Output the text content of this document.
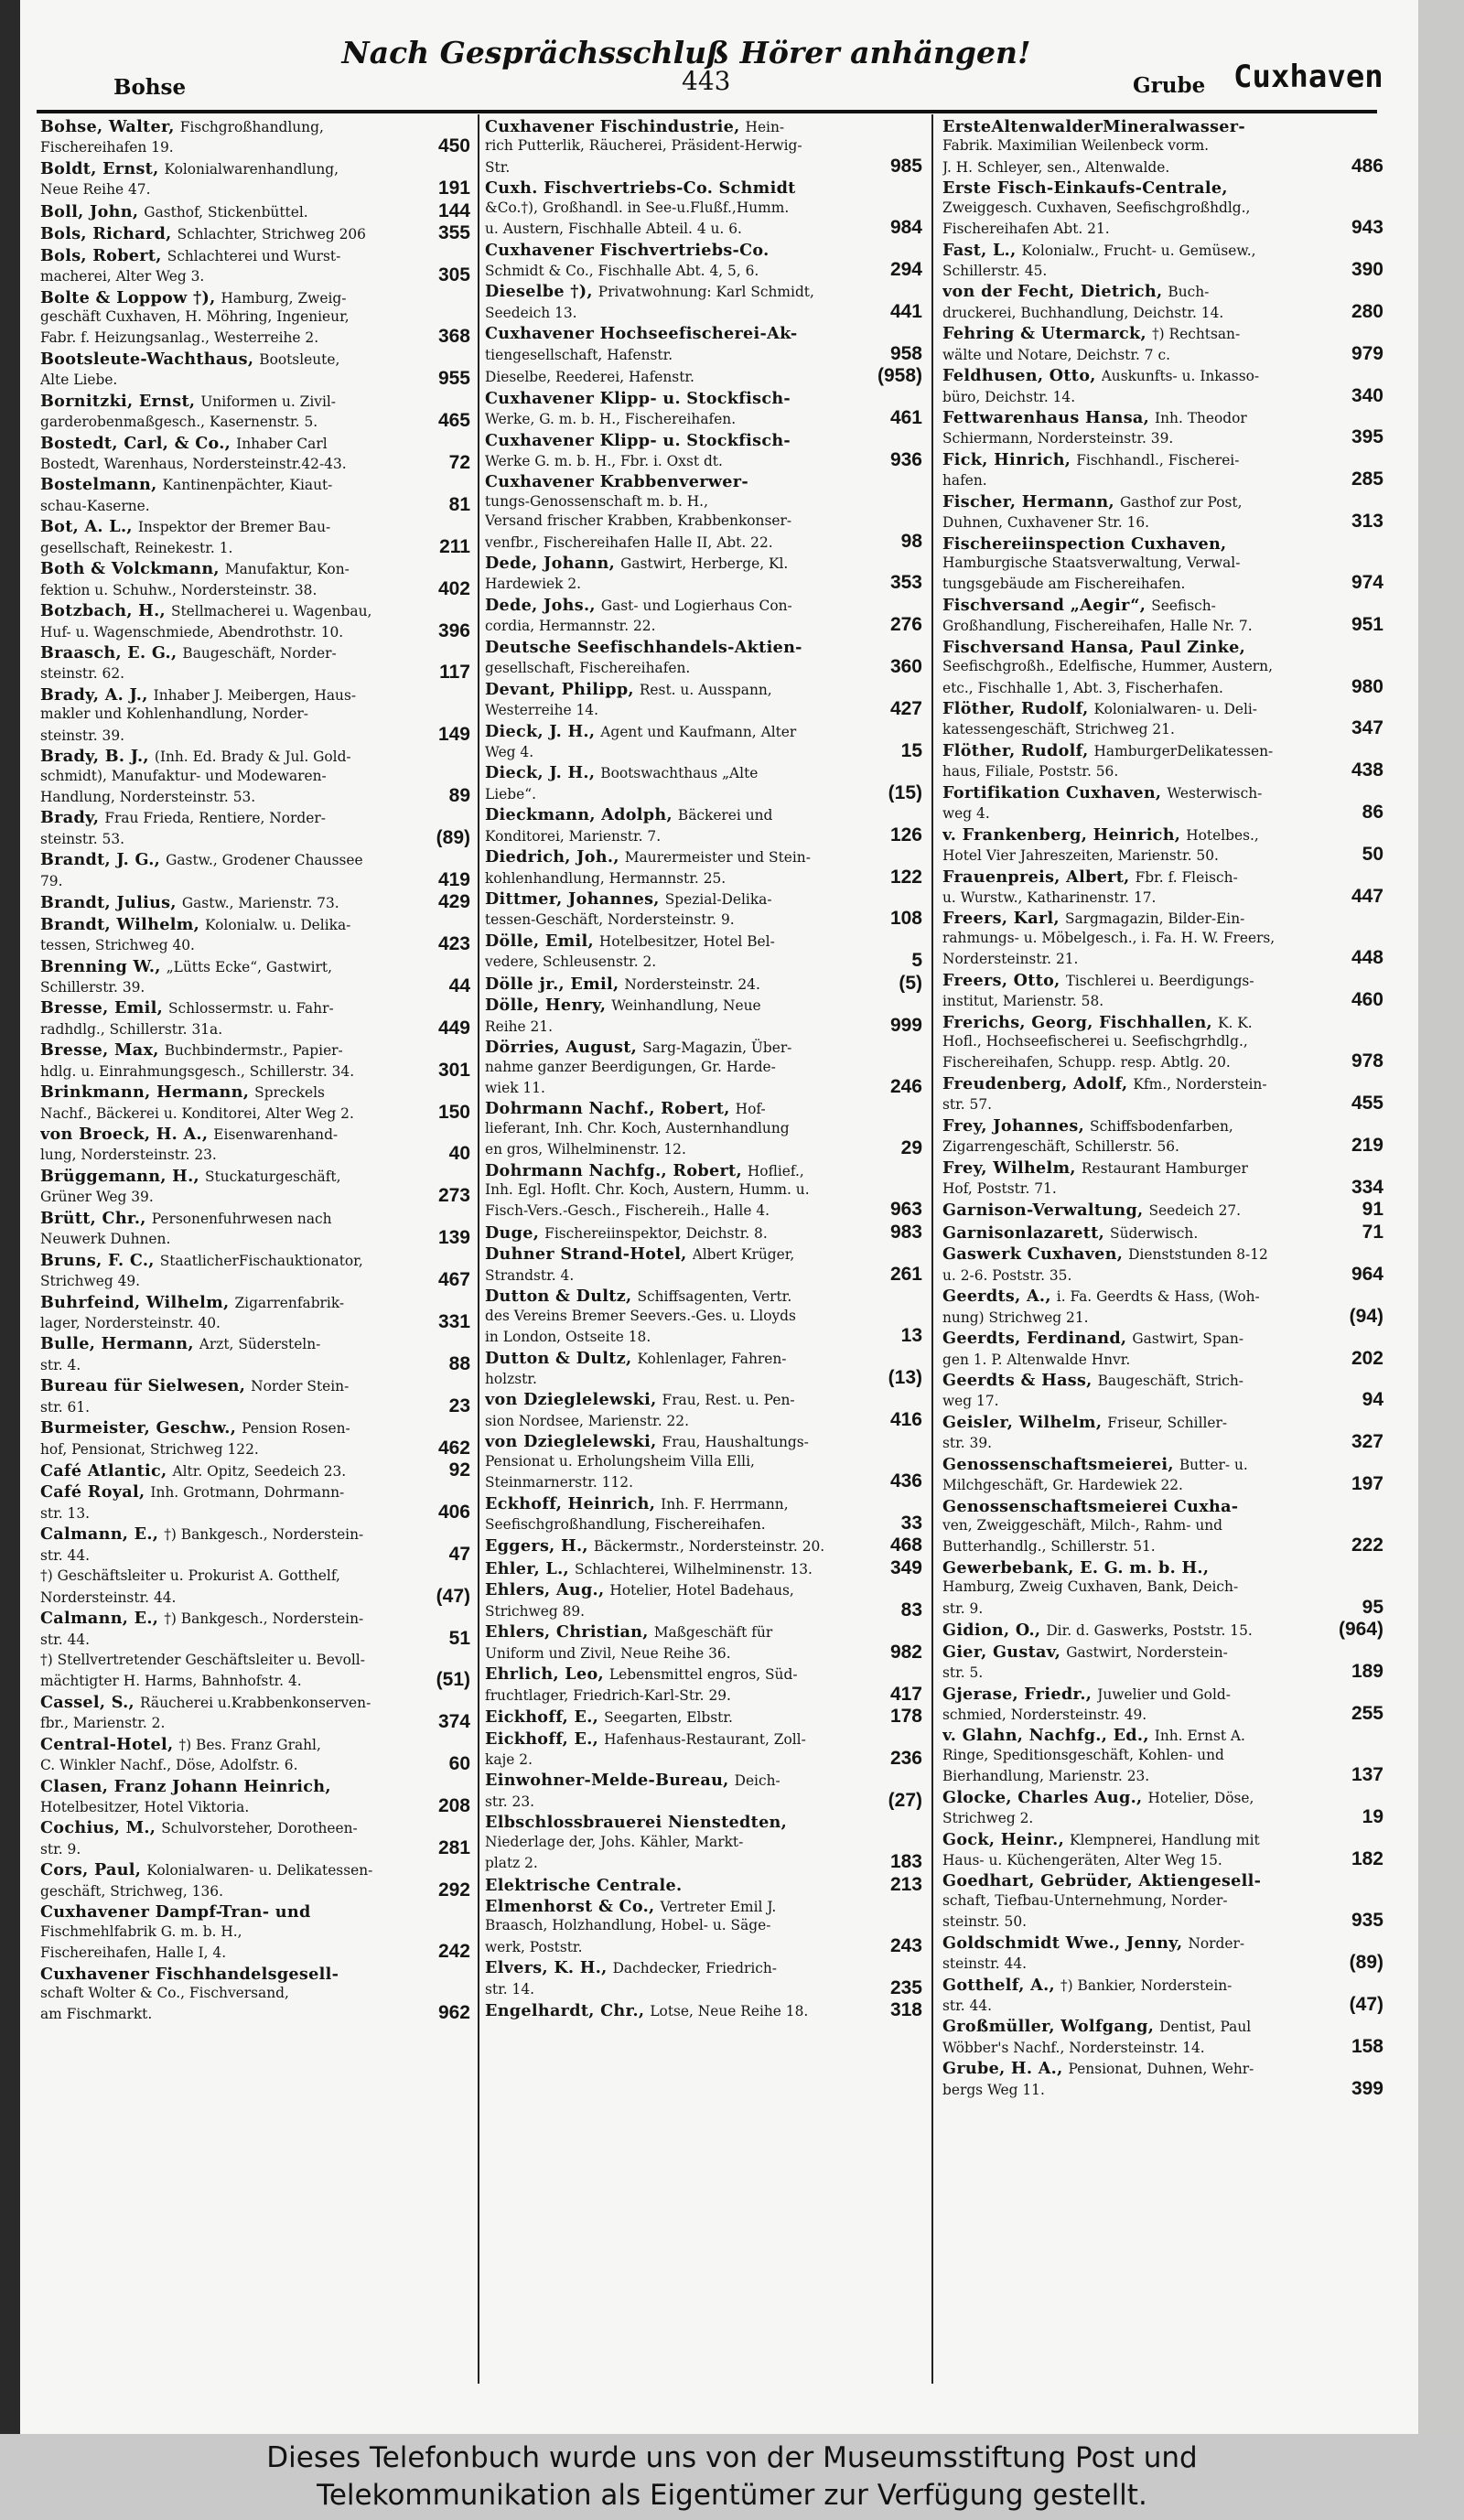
Nach Gesprächsschluß Hörer anhängen!
Bohse	443	Grube Cuxhaven
Bohse, Walter, Fischgroßhandlung,
Fischereihafen 19.	450
Boldt, Ernst, Kolonialwarenhandlung,
Neue Reihe 47.	191
Boll, John, Gasthof, Stickenbüttel.	144
Bols, Richard, Schlachter, Strichweg 206	355
Bols, Robert, Schlachterei und Wurst-
macherei, Alter Weg 3.	305
Bolte & Loppow †), Hamburg, Zweig-
geschäft Cuxhaven, H. Möhring, Ingenieur,
Fabr. f. Heizungsanlag., Westerreihe 2.	368
Bootsleute-Wachthaus, Bootsleute,
Alte Liebe.	955
Bornitzki, Ernst, Uniformen u. Zivil-
garderobenmaßgesch., Kasernenstr. 5.	465
Bostedt, Carl, & Co., Inhaber Carl
Bostedt, Warenhaus, Nordersteinstr.42-43.	72
Bostelmann, Kantinenpächter, Kiaut-
schau-Kaserne.	81
Bot, A. L., Inspektor der Bremer Bau-
gesellschaft, Reinekestr. 1.	211
Both & Volckmann, Manufaktur, Kon-
fektion u. Schuhw., Nordersteinstr. 38.	402
Botzbach, H., Stellmacherei u. Wagenbau,
Huf- u. Wagenschmiede, Abendrothstr. 10.	396
Braasch, E. G., Baugeschäft, Norder-
steinstr. 62.	117
Brady, A. J., Inhaber J. Meibergen, Haus-
makler und Kohlenhandlung, Norder-
steinstr. 39.	149
Brady, B. J., (Inh. Ed. Brady & Jul. Gold-
schmidt), Manufaktur- und Modewaren-
Handlung, Nordersteinstr. 53.	89
Brady, Frau Frieda, Rentiere, Norder-
steinstr. 53.	(89)
Brandt, J. G., Gastw., Grodener Chaussee
79.	419
Brandt, Julius, Gastw., Marienstr. 73.	429
Brandt, Wilhelm, Kolonialw. u. Delika-
tessen, Strichweg 40.	423
Brenning W., „Lütts Ecke“, Gastwirt,
Schillerstr. 39.	44
Bresse, Emil, Schlossermstr. u. Fahr-
radhdlg., Schillerstr. 31a.	449
Bresse, Max, Buchbindermstr., Papier-
hdlg. u. Einrahmungsgesch., Schillerstr. 34.	301
Brinkmann, Hermann, Spreckels
Nachf., Bäckerei u. Konditorei, Alter Weg 2.	150
von Broeck, H. A., Eisenwarenhand-
lung, Nordersteinstr. 23.	40
Brüggemann, H., Stuckaturgeschäft,
Grüner Weg 39.	273
Brütt, Chr., Personenfuhrwesen nach
Neuwerk Duhnen.	139
Bruns, F. C., StaatlicherFischauktionator,
Strichweg 49.	467
Buhrfeind, Wilhelm, Zigarrenfabrik-
lager, Nordersteinstr. 40.	331
Bulle, Hermann, Arzt, Südersteln-
str. 4.	88
Bureau für Sielwesen, Norder Stein-
str. 61.	23
Burmeister, Geschw., Pension Rosen-
hof, Pensionat, Strichweg 122.	462
Café Atlantic, Altr. Opitz, Seedeich 23.	92
Café Royal, Inh. Grotmann, Dohrmann-
str. 13.	406
Calmann, E., †) Bankgesch., Norderstein-
str. 44.	47
†) Geschäftsleiter u. Prokurist A. Gotthelf,
Nordersteinstr. 44.	(47)
Calmann, E., †) Bankgesch., Norderstein-
str. 44.	51
†) Stellvertretender Geschäftsleiter u. Bevoll-
mächtigter H. Harms, Bahnhofstr. 4.	(51)
Cassel, S., Räucherei u.Krabbenkonserven-
fbr., Marienstr. 2.	374
Central-Hotel, †) Bes. Franz Grahl,
C. Winkler Nachf., Döse, Adolfstr. 6.	60
Clasen, Franz Johann Heinrich,
Hotelbesitzer, Hotel Viktoria.	208
Cochius, M., Schulvorsteher, Dorotheen-
str. 9.	281
Cors, Paul, Kolonialwaren- u. Delikatessen-
geschäft, Strichweg, 136.	292
Cuxhavener Dampf-Tran- und
Fischmehlfabrik G. m. b. H.,
Fischereihafen, Halle I, 4.	242
Cuxhavener Fischhandelsgesell-
schaft Wolter & Co., Fischversand,
am Fischmarkt.	962
Cuxhavener Fischindustrie, Hein-
rich Putterlik, Räucherei, Präsident-Herwig-
Str.	985
Cuxh. Fischvertriebs-Co. Schmidt
&Co.†), Großhandl. in See-u.Flußf.,Humm.
u. Austern, Fischhalle Abteil. 4 u. 6.	984
Cuxhavener Fischvertriebs-Co.
Schmidt & Co., Fischhalle Abt. 4, 5, 6.	294
Dieselbe †), Privatwohnung: Karl Schmidt,
Seedeich 13.	441
Cuxhavener Hochseefischerei-Ak-
tiengesellschaft, Hafenstr.	958
Dieselbe, Reederei, Hafenstr.	(958)
Cuxhavener Klipp- u. Stockfisch-
Werke, G. m. b. H., Fischereihafen.	461
Cuxhavener Klipp- u. Stockfisch-
Werke G. m. b. H., Fbr. i. Oxst dt.	936
Cuxhavener Krabbenverwer-
tungs-Genossenschaft m. b. H.,
Versand frischer Krabben, Krabbenkonser-
venfbr., Fischereihafen Halle II, Abt. 22.	98
Dede, Johann, Gastwirt, Herberge, Kl.
Hardewiek 2.	353
Dede, Johs., Gast- und Logierhaus Con-
cordia, Hermannstr. 22.	276
Deutsche Seefischhandels-Aktien-
gesellschaft, Fischereihafen.	360
Devant, Philipp, Rest. u. Ausspann,
Westerreihe 14.	427
Dieck, J. H., Agent und Kaufmann, Alter
Weg 4.	15
Dieck, J. H., Bootswachthaus „Alte
Liebe“.	(15)
Dieckmann, Adolph, Bäckerei und
Konditorei, Marienstr. 7.	126
Diedrich, Joh., Maurermeister und Stein-
kohlenhandlung, Hermannstr. 25.	122
Dittmer, Johannes, Spezial-Delika-
tessen-Geschäft, Nordersteinstr. 9.	108
Dölle, Emil, Hotelbesitzer, Hotel Bel-
vedere, Schleusenstr. 2.	5
Dölle jr., Emil, Nordersteinstr. 24.	(5)
Dölle, Henry, Weinhandlung, Neue
Reihe 21.	999
Dörries, August, Sarg-Magazin, Über-
nahme ganzer Beerdigungen, Gr. Harde-
wiek 11.	246
Dohrmann Nachf., Robert, Hof-
lieferant, Inh. Chr. Koch, Austernhandlung
en gros, Wilhelminenstr. 12.	29
Dohrmann Nachfg., Robert, Hoflief.,
Inh. Egl. Hoflt. Chr. Koch, Austern, Humm. u.
Fisch-Vers.-Gesch., Fischereih., Halle 4.	963
Duge, Fischereiinspektor, Deichstr. 8.	983
Duhner Strand-Hotel, Albert Krüger,
Strandstr. 4.	261
Dutton & Dultz, Schiffsagenten, Vertr.
des Vereins Bremer Seevers.-Ges. u. Lloyds
in London, Ostseite 18.	13
Dutton & Dultz, Kohlenlager, Fahren-
holzstr.	(13)
von Dzieglelewski, Frau, Rest. u. Pen-
sion Nordsee, Marienstr. 22.	416
von Dzieglelewski, Frau, Haushaltungs-
Pensionat u. Erholungsheim Villa Elli,
Steinmarnerstr. 112.	436
Eckhoff, Heinrich, Inh. F. Herrmann,
Seefischgroßhandlung, Fischereihafen.	33
Eggers, H., Bäckermstr., Nordersteinstr. 20.	468
Ehler, L., Schlachterei, Wilhelminenstr. 13.	349
Ehlers, Aug., Hotelier, Hotel Badehaus,
Strichweg 89.	83
Ehlers, Christian, Maßgeschäft für
Uniform und Zivil, Neue Reihe 36.	982
Ehrlich, Leo, Lebensmittel engros, Süd-
fruchtlager, Friedrich-Karl-Str. 29.	417
Eickhoff, E., Seegarten, Elbstr.	178
Eickhoff, E., Hafenhaus-Restaurant, Zoll-
kaje 2.	236
Einwohner-Melde-Bureau, Deich-
str. 23.	(27)
Elbschlossbrauerei Nienstedten,
Niederlage der, Johs. Kähler, Markt-
platz 2.	183
Elektrische Centrale.	213
Elmenhorst & Co., Vertreter Emil J.
Braasch, Holzhandlung, Hobel- u. Säge-
werk, Poststr.	243
Elvers, K. H., Dachdecker, Friedrich-
str. 14.	235
Engelhardt, Chr., Lotse, Neue Reihe 18.	318
ErsteAltenwalderMineralwasser-
Fabrik. Maximilian Weilenbeck vorm.
J. H. Schleyer, sen., Altenwalde.	486
Erste Fisch-Einkaufs-Centrale,
Zweiggesch. Cuxhaven, Seefischgroßhdlg.,
Fischereihafen Abt. 21.	943
Fast, L., Kolonialw., Frucht- u. Gemüsew.,
Schillerstr. 45.	390
von der Fecht, Dietrich, Buch-
druckerei, Buchhandlung, Deichstr. 14.	280
Fehring & Utermarck, †) Rechtsan-
wälte und Notare, Deichstr. 7 c.	979
Feldhusen, Otto, Auskunfts- u. Inkasso-
büro, Deichstr. 14.	340
Fettwarenhaus Hansa, Inh. Theodor
Schiermann, Nordersteinstr. 39.	395
Fick, Hinrich, Fischhandl., Fischerei-
hafen.	285
Fischer, Hermann, Gasthof zur Post,
Duhnen, Cuxhavener Str. 16.	313
Fischereiinspection Cuxhaven,
Hamburgische Staatsverwaltung, Verwal-
tungsgebäude am Fischereihafen.	974
Fischversand „Aegir“, Seefisch-
Großhandlung, Fischereihafen, Halle Nr. 7.	951
Fischversand Hansa, Paul Zinke,
Seefischgroßh., Edelfische, Hummer, Austern,
etc., Fischhalle 1, Abt. 3, Fischerhafen.	980
Flöther, Rudolf, Kolonialwaren- u. Deli-
katessengeschäft, Strichweg 21.	347
Flöther, Rudolf, HamburgerDelikatessen-
haus, Filiale, Poststr. 56.	438
Fortifikation Cuxhaven, Westerwisch-
weg 4.	86
v. Frankenberg, Heinrich, Hotelbes.,
Hotel Vier Jahreszeiten, Marienstr. 50.	50
Frauenpreis, Albert, Fbr. f. Fleisch-
u. Wurstw., Katharinenstr. 17.	447
Freers, Karl, Sargmagazin, Bilder-Ein-
rahmungs- u. Möbelgesch., i. Fa. H. W. Freers,
Nordersteinstr. 21.	448
Freers, Otto, Tischlerei u. Beerdigungs-
institut, Marienstr. 58.	460
Frerichs, Georg, Fischhallen, K. K.
Hofl., Hochseefischerei u. Seefischgrhdlg.,
Fischereihafen, Schupp. resp. Abtlg. 20.	978
Freudenberg, Adolf, Kfm., Norderstein-
str. 57.	455
Frey, Johannes, Schiffsbodenfarben,
Zigarrengeschäft, Schillerstr. 56.	219
Frey, Wilhelm, Restaurant Hamburger
Hof, Poststr. 71.	334
Garnison-Verwaltung, Seedeich 27.	91
Garnisonlazarett, Süderwisch.	71
Gaswerk Cuxhaven, Dienststunden 8-12
u. 2-6. Poststr. 35.	964
Geerdts, A., i. Fa. Geerdts & Hass, (Woh-
nung) Strichweg 21.	(94)
Geerdts, Ferdinand, Gastwirt, Span-
gen 1. P. Altenwalde Hnvr.	202
Geerdts & Hass, Baugeschäft, Strich-
weg 17.	94
Geisler, Wilhelm, Friseur, Schiller-
str. 39.	327
Genossenschaftsmeierei, Butter- u.
Milchgeschäft, Gr. Hardewiek 22.	197
Genossenschaftsmeierei Cuxha-
ven, Zweiggeschäft, Milch-, Rahm- und
Butterhandlg., Schillerstr. 51.	222
Gewerbebank, E. G. m. b. H.,
Hamburg, Zweig Cuxhaven, Bank, Deich-
str. 9.	95
Gidion, O., Dir. d. Gaswerks, Poststr. 15.	(964)
Gier, Gustav, Gastwirt, Norderstein-
str. 5.	189
Gjerase, Friedr., Juwelier und Gold-
schmied, Nordersteinstr. 49.	255
v. Glahn, Nachfg., Ed., Inh. Ernst A.
Ringe, Speditionsgeschäft, Kohlen- und
Bierhandlung, Marienstr. 23.	137
Glocke, Charles Aug., Hotelier, Döse,
Strichweg 2.	19
Gock, Heinr., Klempnerei, Handlung mit
Haus- u. Küchengeräten, Alter Weg 15.	182
Goedhart, Gebrüder, Aktiengesell-
schaft, Tiefbau-Unternehmung, Norder-
steinstr. 50.	935
Goldschmidt Wwe., Jenny, Norder-
steinstr. 44.	(89)
Gotthelf, A., †) Bankier, Norderstein-
str. 44.	(47)
Großmüller, Wolfgang, Dentist, Paul
Wöbber's Nachf., Nordersteinstr. 14.	158
Grube, H. A., Pensionat, Duhnen, Wehr-
bergs Weg 11.	399
Dieses Telefonbuch wurde uns von der Museumsstiftung Post und
Telekommunikation als Eigentümer zur Verfügung gestellt.
